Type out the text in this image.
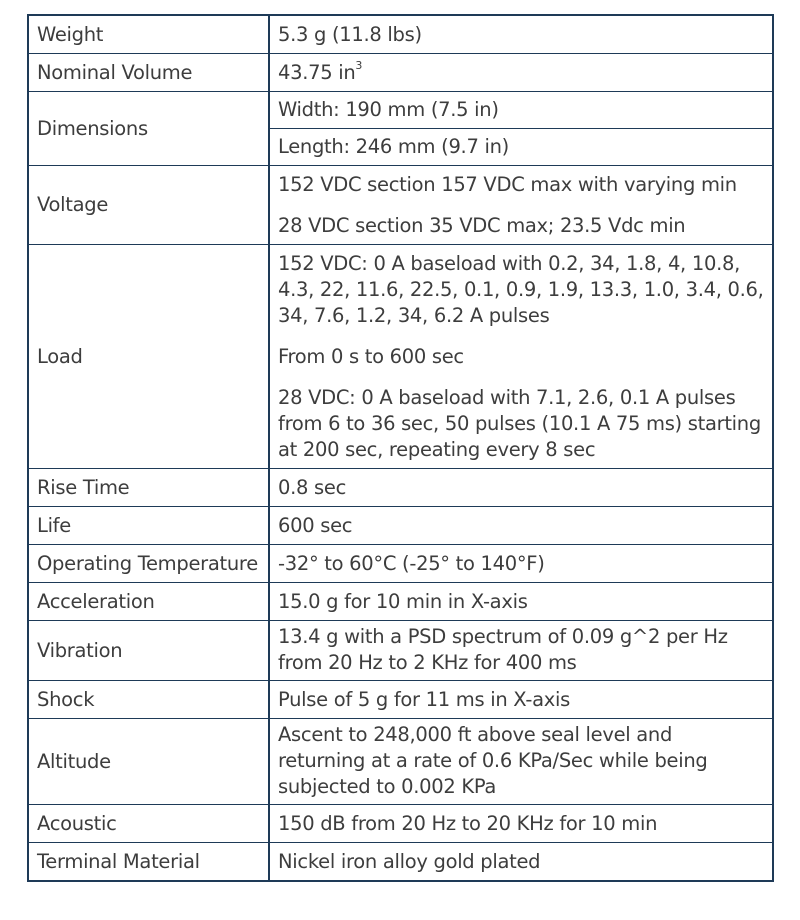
Weight	5.3 g (11.8 lbs)
Nominal Volume	43.75 $in^3$
Dimensions	Width: 190 mm (7.5 in)
	Length: 246 mm (9.7 in)
Voltage	152 VDC section 157 VDC max with varying min
28 VDC section 35 VDC max; 23.5 Vdc min

Load	152 VDC: 0 A baseload with 0.2, 34, 1.8, 4, 10.8, 4.3, 22, 11.6, 22.5, 0.1, 0.9, 1.9, 13.3, 1.0, 3.4, 0.6, 34, 7.6, 1.2, 34, 6.2 A pulses
From 0 s to 600 sec
28 VDC: 0 A baseload with 7.1, 2.6, 0.1 A pulses from 6 to 36 sec, 50 pulses (10.1 A 75 ms) starting at 200 sec, repeating every 8 sec

Rise Time	0.8 sec
Life	600 sec
Operating Temperature	-32° to 60°C (-25° to 140°F)
Acceleration	15.0 g for 10 min in X-axis
Vibration	13.4 g with a PSD spectrum of 0.09 g^2 per Hz from 20 Hz to 2 KHz for 400 ms

Shock	Pulse of 5 g for 11 ms in X-axis
Altitude	Ascent to 248,000 ft above seal level and returning at a rate of 0.6 KPa/Sec while being subjected to 0.002 KPa

Acoustic	150 dB from 20 Hz to 20 KHz for 10 min
Terminal Material	Nickel iron alloy gold plated
